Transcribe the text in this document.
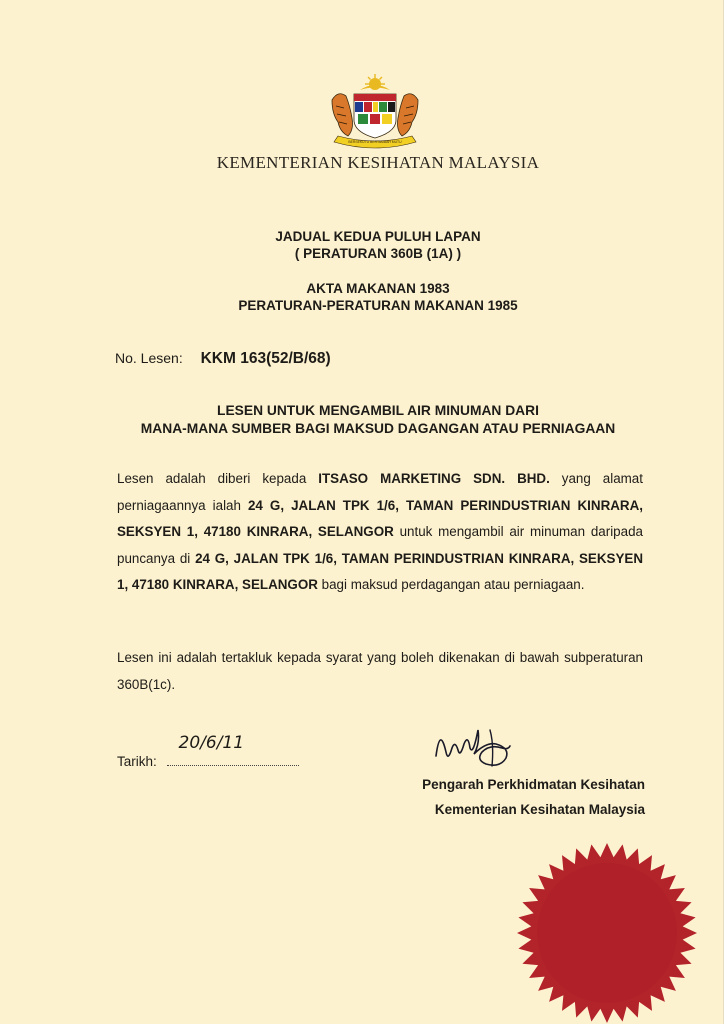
BERSEKUTU BERTAMBAH MUTU
KEMENTERIAN KESIHATAN MALAYSIA
JADUAL KEDUA PULUH LAPAN
( PERATURAN 360B (1A) )
AKTA MAKANAN 1983
PERATURAN-PERATURAN MAKANAN 1985
No. Lesen: KKM 163(52/B/68)
LESEN UNTUK MENGAMBIL AIR MINUMAN DARI
MANA-MANA SUMBER BAGI MAKSUD DAGANGAN ATAU PERNIAGAAN
Lesen adalah diberi kepada ITSASO MARKETING SDN. BHD. yang alamat perniagaannya ialah 24 G, JALAN TPK 1/6, TAMAN PERINDUSTRIAN KINRARA, SEKSYEN 1, 47180 KINRARA, SELANGOR untuk mengambil air minuman daripada puncanya di 24 G, JALAN TPK 1/6, TAMAN PERINDUSTRIAN KINRARA, SEKSYEN 1, 47180 KINRARA, SELANGOR bagi maksud perdagangan atau perniagaan.
Lesen ini adalah tertakluk kepada syarat yang boleh dikenakan di bawah subperaturan 360B(1c).
Tarikh:
20/6/11
Pengarah Perkhidmatan Kesihatan
Kementerian Kesihatan Malaysia
